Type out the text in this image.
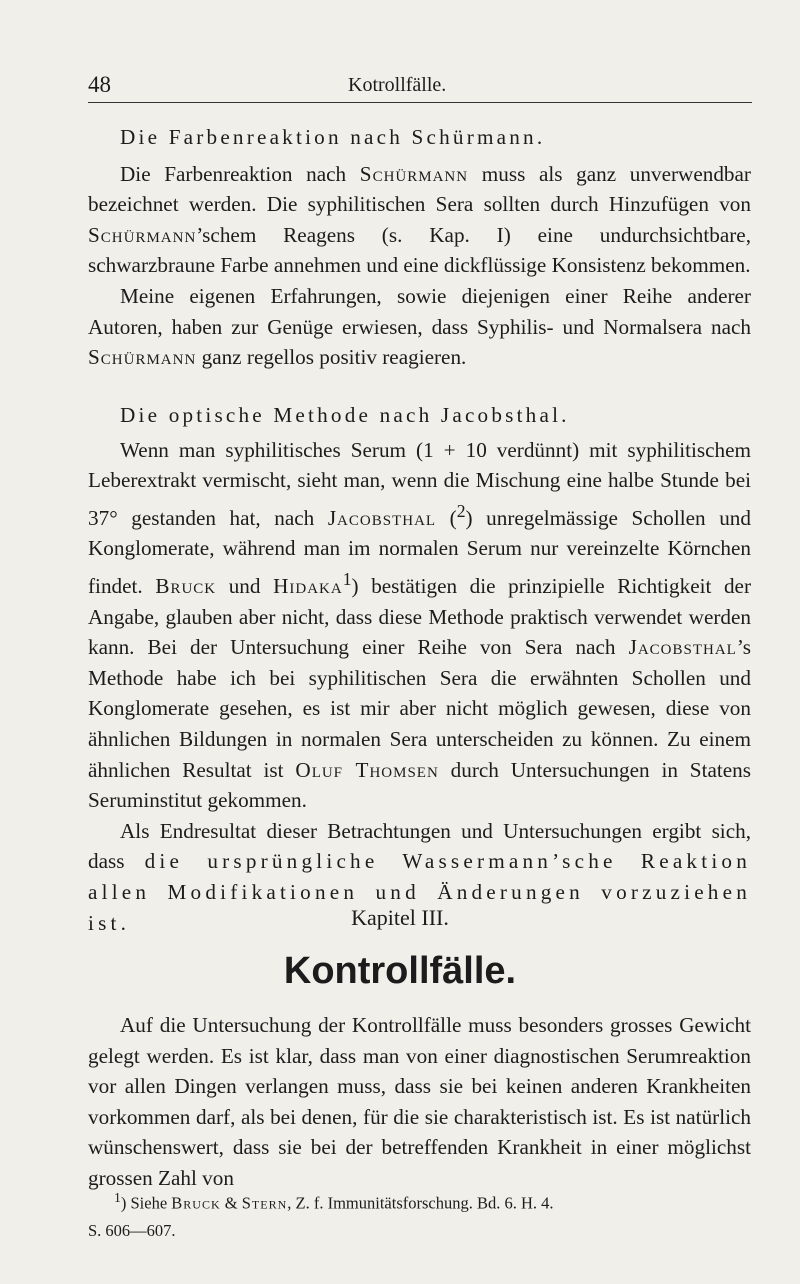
48	Kotrollfälle.

Die Farbenreaktion nach Schürmann.

Die Farbenreaktion nach Schürmann muss als ganz unverwendbar bezeichnet werden. Die syphilitischen Sera sollten durch Hinzufügen von Schürmann’schem Reagens (s. Kap. I) eine undurchsichtbare, schwarzbraune Farbe annehmen und eine dickflüssige Konsistenz bekommen.

Meine eigenen Erfahrungen, sowie diejenigen einer Reihe anderer Autoren, haben zur Genüge erwiesen, dass Syphilis- und Normalsera nach Schürmann ganz regellos positiv reagieren.

Die optische Methode nach Jacobsthal.

Wenn man syphilitisches Serum (1 + 10 verdünnt) mit syphilitischem Leberextrakt vermischt, sieht man, wenn die Mischung eine halbe Stunde bei 37° gestanden hat, nach Jacobsthal ($^2$) unregelmässige Schollen und Konglomerate, während man im normalen Serum nur vereinzelte Körnchen findet. Bruck und Hidaka$^1$) bestätigen die prinzipielle Richtigkeit der Angabe, glauben aber nicht, dass diese Methode praktisch verwendet werden kann. Bei der Untersuchung einer Reihe von Sera nach Jacobsthal’s Methode habe ich bei syphilitischen Sera die erwähnten Schollen und Konglomerate gesehen, es ist mir aber nicht möglich gewesen, diese von ähnlichen Bildungen in normalen Sera unterscheiden zu können. Zu einem ähnlichen Resultat ist Oluf Thomsen durch Untersuchungen in Statens Seruminstitut gekommen.

Als Endresultat dieser Betrachtungen und Untersuchungen ergibt sich, dass die ursprüngliche Wassermann’sche Reaktion allen Modifikationen und Änderungen vorzuziehen ist.	Kapitel III.
Kontrollfälle.

Auf die Untersuchung der Kontrollfälle muss besonders grosses Gewicht gelegt werden. Es ist klar, dass man von einer diagnostischen Serumreaktion vor allen Dingen verlangen muss, dass sie bei keinen anderen Krankheiten vorkommen darf, als bei denen, für die sie charakteristisch ist. Es ist natürlich wünschenswert, dass sie bei der betreffenden Krankheit in einer möglichst grossen Zahl von

$^1$) Siehe Bruck & Stern, Z. f. Immunitätsforschung. Bd. 6. H. 4.

S. 606—607.
